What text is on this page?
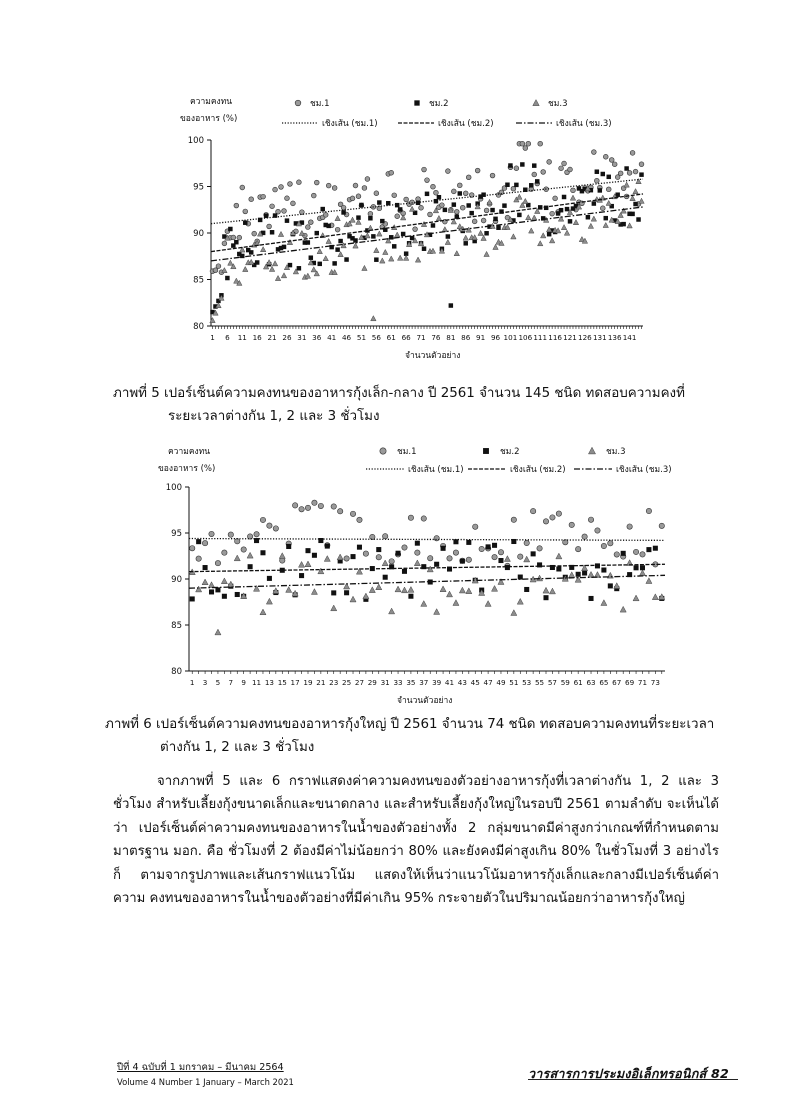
ความคงทน
ของอาหาร (%)
จำนวนตัวอย่าง
80
85
90
95
100
1 6 11 16 21 26 31 36 41 46 51 56 61 66 71 76 81 86 91 96 101 106 111 116 121 126 131 136 141
ชม.1	ชม.2	ชม.3
เชิงเส้น (ชม.1)	เชิงเส้น (ชม.2)	เชิงเส้น (ชม.3)
ภาพที่ 5 เปอร์เซ็นต์ความคงทนของอาหารกุ้งเล็ก-กลาง ปี 2561 จำนวน 145 ชนิด ทดสอบความคงที่
ระยะเวลาต่างกัน 1, 2 และ 3 ชั่วโมง
ความคงทน
ของอาหาร (%)
จำนวนตัวอย่าง
80
85
90
95
100
1 3 5 7 9 11 13 15 17 19 21 23 25 27 29 31 33 35 37 39 41 43 45 47 49 51 53 55 57 59 61 63 65 67 69 71 73
ชม.1	ชม.2	ชม.3
เชิงเส้น (ชม.1)	เชิงเส้น (ชม.2)	เชิงเส้น (ชม.3)
ภาพที่ 6 เปอร์เซ็นต์ความคงทนของอาหารกุ้งใหญ่ ปี 2561 จำนวน 74 ชนิด ทดสอบความคงทนที่ระยะเวลา
ต่างกัน 1, 2 และ 3 ชั่วโมง
จากภาพที่ 5 และ 6 กราฟแสดงค่าความคงทนของตัวอย่างอาหารกุ้งที่เวลาต่างกัน 1, 2 และ 3 ชั่วโมง สำหรับเลี้ยงกุ้งขนาดเล็กและขนาดกลาง และสำหรับเลี้ยงกุ้งใหญ่ในรอบปี 2561 ตามลำดับ จะเห็นได้ว่า เปอร์เซ็นต์ค่าความคงทนของอาหารในน้ำของตัวอย่างทั้ง 2 กลุ่มขนาดมีค่าสูงกว่าเกณฑ์ที่กำหนดตาม มาตรฐาน มอก. คือ ชั่วโมงที่ 2 ต้องมีค่าไม่น้อยกว่า 80% และยังคงมีค่าสูงเกิน 80% ในชั่วโมงที่ 3 อย่างไรก็ ตามจากรูปภาพและเส้นกราฟแนวโน้ม แสดงให้เห็นว่าแนวโน้มอาหารกุ้งเล็กและกลางมีเปอร์เซ็นต์ค่าความ คงทนของอาหารในน้ำของตัวอย่างที่มีค่าเกิน 95% กระจายตัวในปริมาณน้อยกว่าอาหารกุ้งใหญ่
ปีที่ 4 ฉบับที่ 1 มกราคม – มีนาคม 2564
Volume 4 Number 1 January – March 2021
วารสารการประมงอิเล็กทรอนิกส์ 82
